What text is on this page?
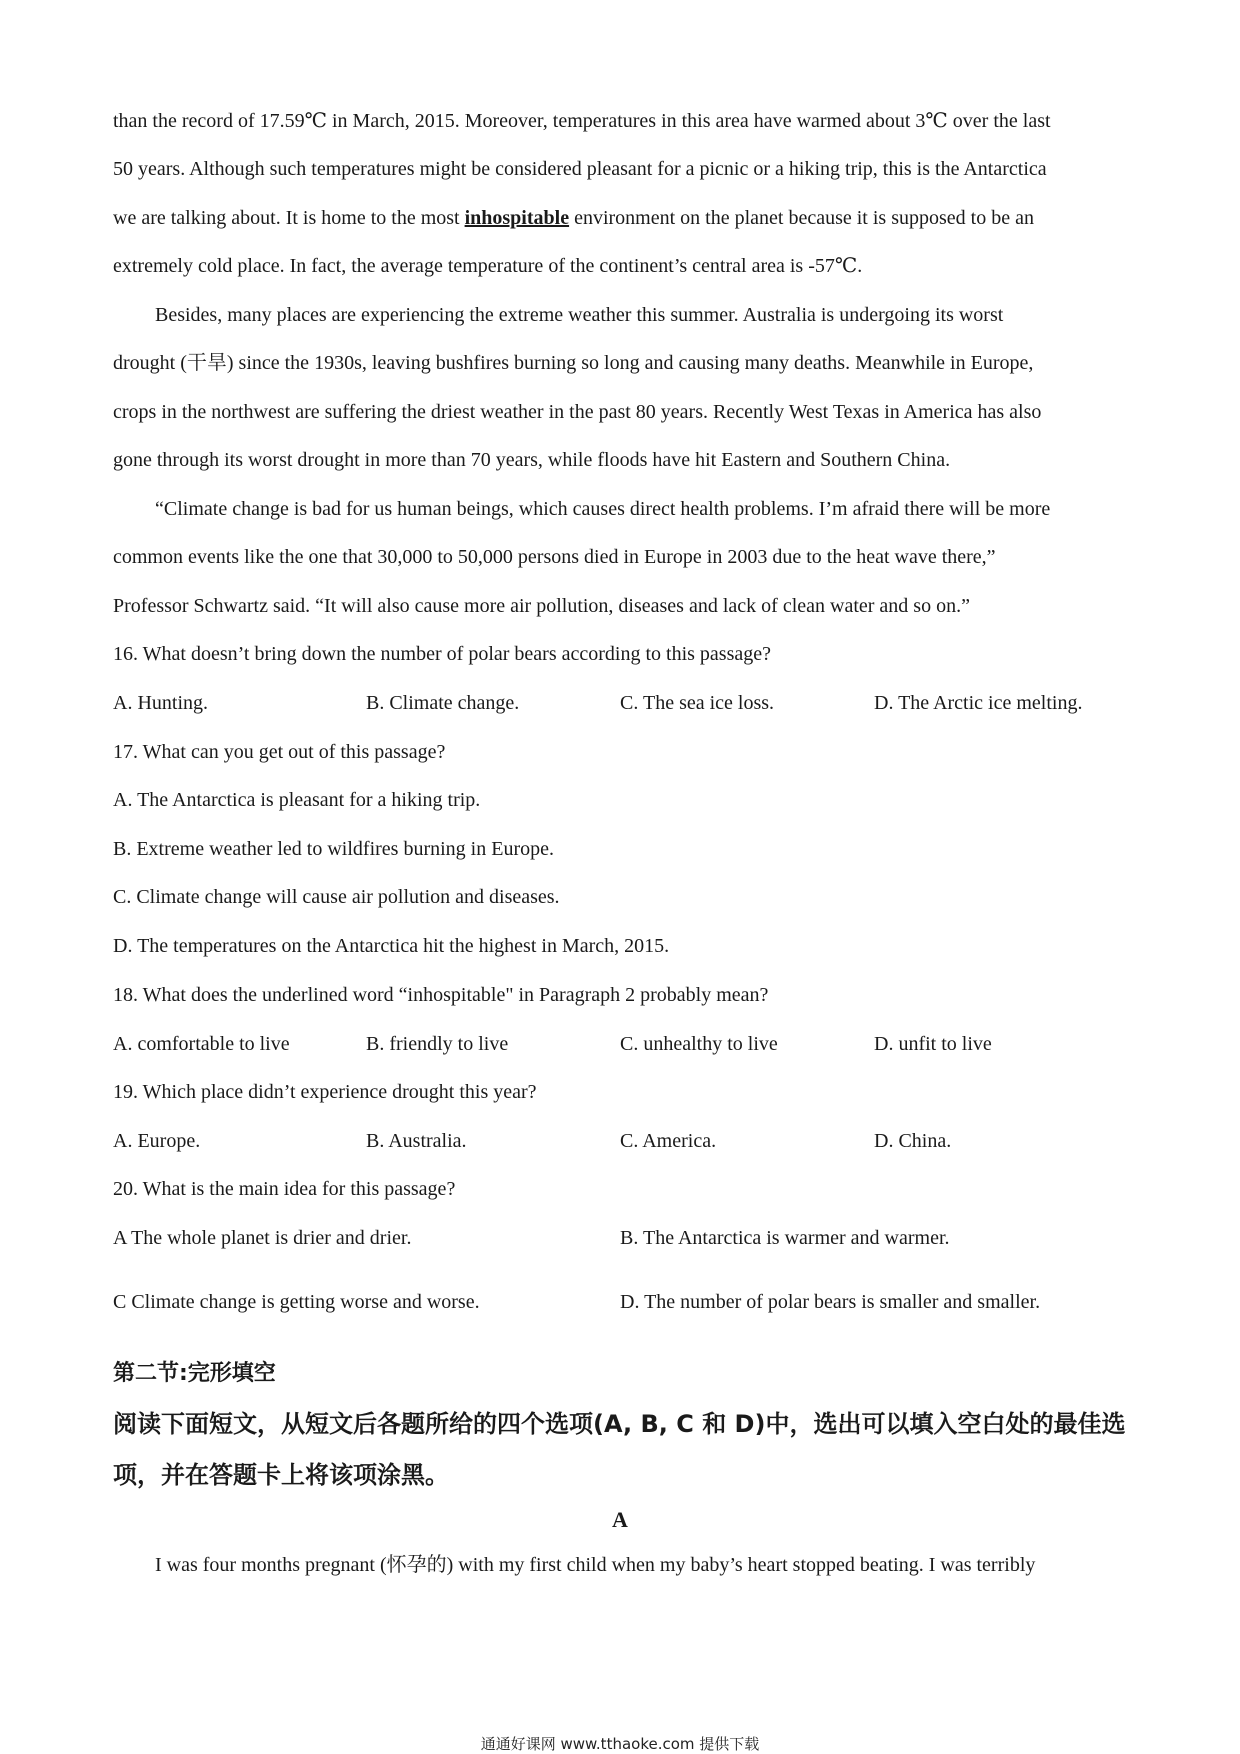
than the record of 17.59℃ in March, 2015. Moreover, temperatures in this area have warmed about 3℃ over the last
50 years. Although such temperatures might be considered pleasant for a picnic or a hiking trip, this is the Antarctica
we are talking about. It is home to the most inhospitable environment on the planet because it is supposed to be an
extremely cold place. In fact, the average temperature of the continent’s central area is -57℃.
Besides, many places are experiencing the extreme weather this summer. Australia is undergoing its worst
drought (干旱) since the 1930s, leaving bushfires burning so long and causing many deaths. Meanwhile in Europe,
crops in the northwest are suffering the driest weather in the past 80 years. Recently West Texas in America has also
gone through its worst drought in more than 70 years, while floods have hit Eastern and Southern China.
“Climate change is bad for us human beings, which causes direct health problems. I’m afraid there will be more
common events like the one that 30,000 to 50,000 persons died in Europe in 2003 due to the heat wave there,”
Professor Schwartz said. “It will also cause more air pollution, diseases and lack of clean water and so on.”
16. What doesn’t bring down the number of polar bears according to this passage?
A. Hunting.	B. Climate change.	C. The sea ice loss.	D. The Arctic ice melting.
17. What can you get out of this passage?
A. The Antarctica is pleasant for a hiking trip.
B. Extreme weather led to wildfires burning in Europe.
C. Climate change will cause air pollution and diseases.
D. The temperatures on the Antarctica hit the highest in March, 2015.
18. What does the underlined word “inhospitable" in Paragraph 2 probably mean?
A. comfortable to live	B. friendly to live	C. unhealthy to live	D. unfit to live
19. Which place didn’t experience drought this year?
A. Europe.	B. Australia.	C. America.	D. China.
20. What is the main idea for this passage?
A The whole planet is drier and drier.	B. The Antarctica is warmer and warmer.
C Climate change is getting worse and worse.	D. The number of polar bears is smaller and smaller.
第二节:完形填空
阅读下面短文，从短文后各题所给的四个选项(A, B, C 和 D)中，选出可以填入空白处的最佳选
项，并在答题卡上将该项涂黑。
A
I was four months pregnant (怀孕的) with my first child when my baby’s heart stopped beating. I was terribly
通通好课网 www.tthaoke.com 提供下载
